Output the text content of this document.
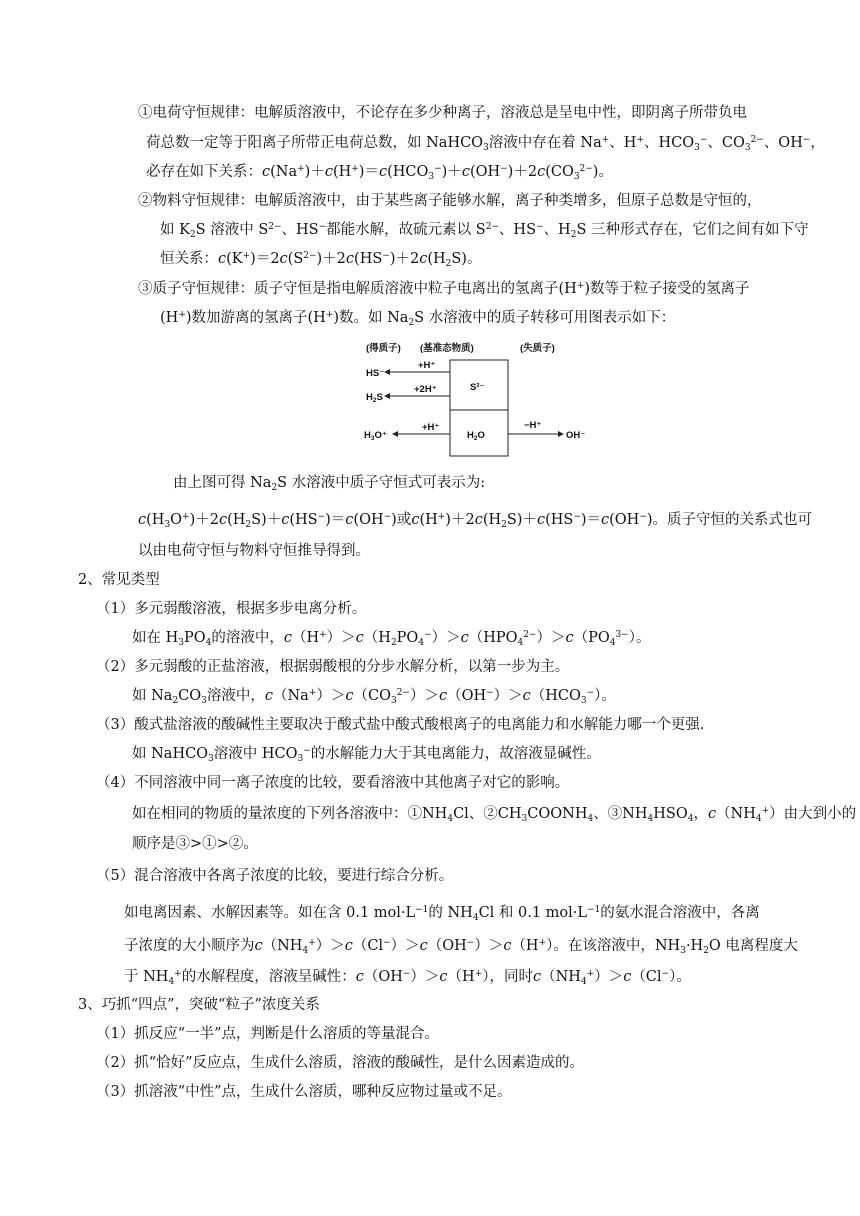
①电荷守恒规律：电解质溶液中，不论存在多少种离子，溶液总是呈电中性，即阴离子所带负电
荷总数一定等于阳离子所带正电荷总数，如 NaHCO$_3$溶液中存在着 Na+、H+、$HCO_3^-$、$CO_3^{2-}$、OH−，
必存在如下关系：$c(Na^+)+c(H^+)=c(HCO_3^-)+c(OH^-)+2c(CO_3^{2-})$。
②物料守恒规律：电解质溶液中，由于某些离子能够水解，离子种类增多，但原子总数是守恒的，
如 $K_2S$ 溶液中 $S^{2-}$、HS−都能水解，故硫元素以 $S^{2-}$、HS−、$H_2S$ 三种形式存在，它们之间有如下守
恒关系：$c(K^+)=2c(S^{2-})+2c(HS^-)+2c(H_2S)$。
③质子守恒规律：质子守恒是指电解质溶液中粒子电离出的氢离子(H+)数等于粒子接受的氢离子
(H+)数加游离的氢离子(H+)数。如 $Na_2S$ 水溶液中的质子转移可用图表示如下：
(得质子) (基准态物质)	(失质子)
S²⁻
$H_2O$
+H⁺
HS⁻
+2H⁺
$H_2S$
+H⁺
$H_3O^+$
−H⁺
OH⁻
由上图可得 $Na_2S$ 水溶液中质子守恒式可表示为:
$c(H_3O^+)+2c(H_2S)+c(HS^-)=c(OH^-)$或$c(H^+)+2c(H_2S)+c(HS^-)=c(OH^-)$。质子守恒的关系式也可
以由电荷守恒与物料守恒推导得到。
2、常见类型
（1）多元弱酸溶液，根据多步电离分析。
如在 $H_3PO_4$的溶液中，$c(H^+)>c(H_2PO_4^-)>c(HPO_4^{2-})>c(PO_4^{3-})$。
（2）多元弱酸的正盐溶液，根据弱酸根的分步水解分析，以第一步为主。
如 $Na_2CO_3$溶液中，$c(Na^+)>c(CO_3^{2-})>c(OH^-)>c(HCO_3^-)$。
（3）酸式盐溶液的酸碱性主要取决于酸式盐中酸式酸根离子的电离能力和水解能力哪一个更强.
如 NaHCO$_3$溶液中 $HCO_3^-$的水解能力大于其电离能力，故溶液显碱性。
（4）不同溶液中同一离子浓度的比较，要看溶液中其他离子对它的影响。
如在相同的物质的量浓度的下列各溶液中：$①NH_4Cl$、$②CH_3COONH_4$、$③NH_4HSO_4$，$c(NH_4^+)$由大到小的
顺序是③>①>②。
（5）混合溶液中各离子浓度的比较，要进行综合分析。
如电离因素、水解因素等。如在含 0.1 $mol\cdot L^{-1}$的 $NH_4Cl$ 和 0.1 $mol\cdot L^{-1}$的氨水混合溶液中，各离
子浓度的大小顺序为$c(NH_4^+)>c(Cl^-)>c(OH^-)>c(H^+)$。在该溶液中，$NH_3\cdot H_2O$ 电离程度大
于 $NH_4^+$的水解程度，溶液呈碱性：c（OH−）＞c（H+），同时$c(NH_4^+)>c(Cl^-)$。
3、巧抓“四点”，突破“粒子”浓度关系
（1）抓反应“一半”点，判断是什么溶质的等量混合。
（2）抓“恰好”反应点，生成什么溶质，溶液的酸碱性，是什么因素造成的。
（3）抓溶液“中性”点，生成什么溶质，哪种反应物过量或不足。
